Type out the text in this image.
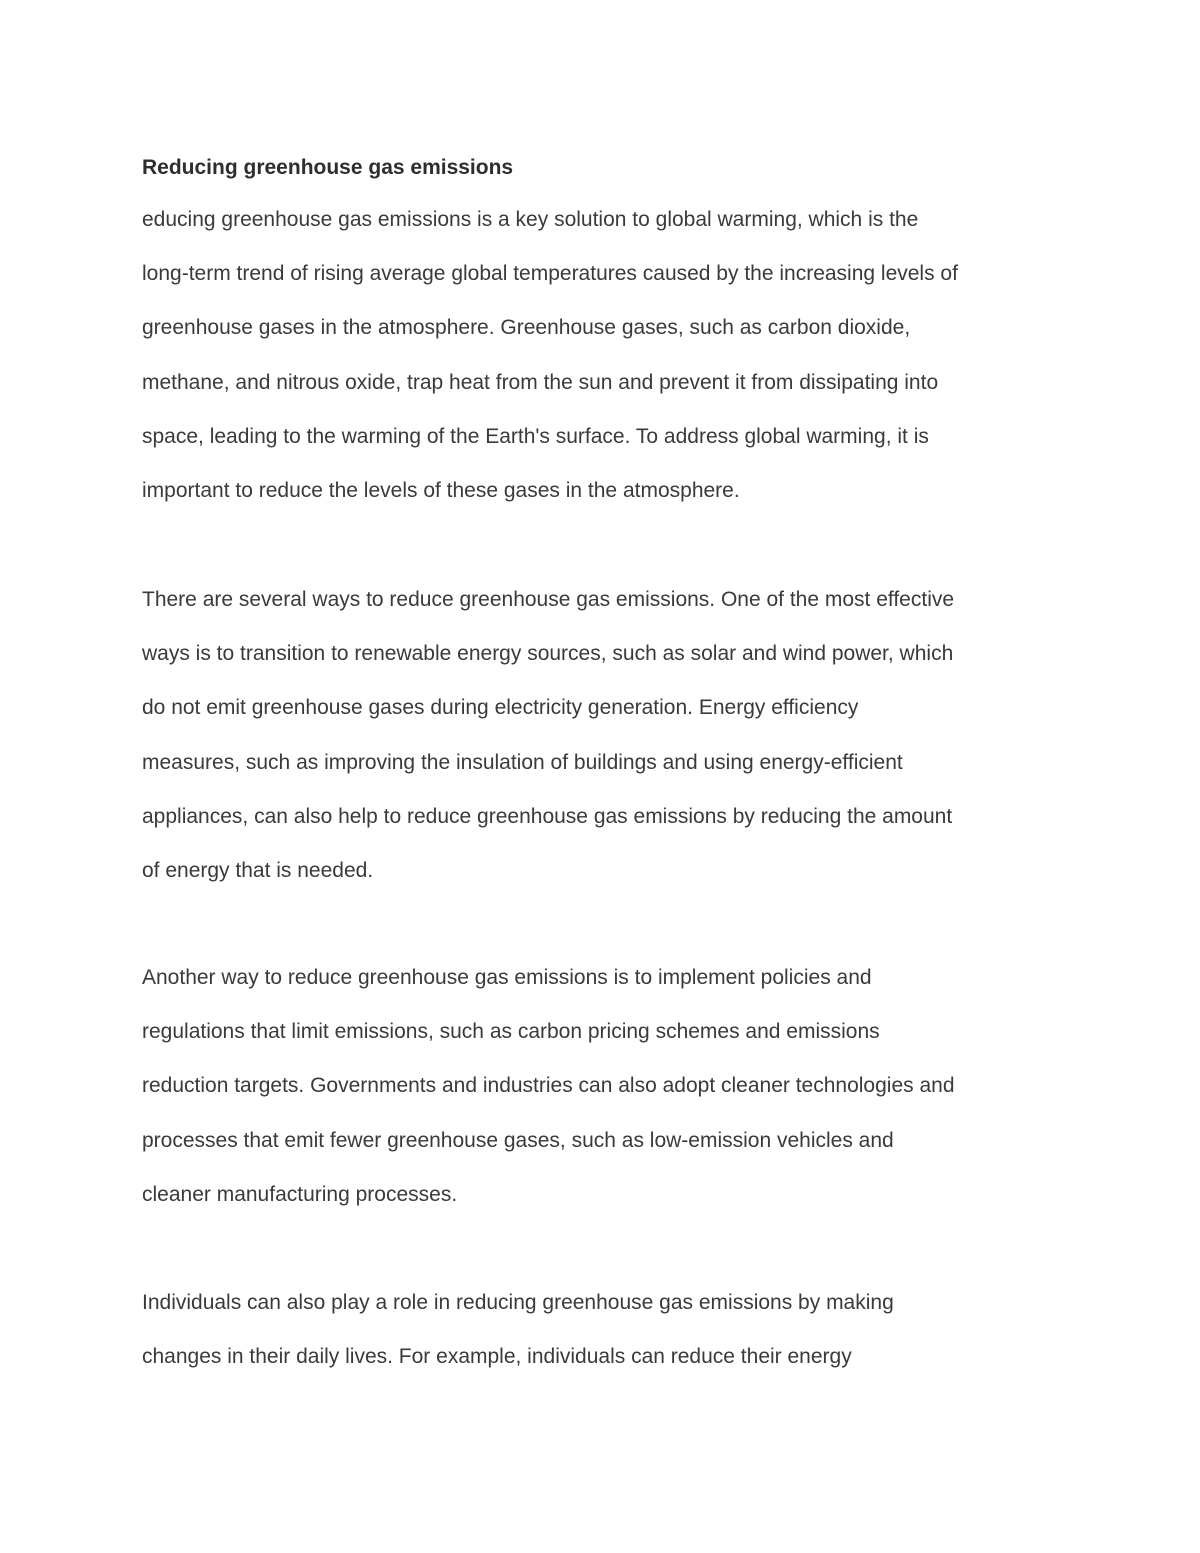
Reducing greenhouse gas emissions

educing greenhouse gas emissions is a key solution to global warming, which is the
long-term trend of rising average global temperatures caused by the increasing levels of
greenhouse gases in the atmosphere. Greenhouse gases, such as carbon dioxide,
methane, and nitrous oxide, trap heat from the sun and prevent it from dissipating into
space, leading to the warming of the Earth's surface. To address global warming, it is
important to reduce the levels of these gases in the atmosphere.

There are several ways to reduce greenhouse gas emissions. One of the most effective
ways is to transition to renewable energy sources, such as solar and wind power, which
do not emit greenhouse gases during electricity generation. Energy efficiency
measures, such as improving the insulation of buildings and using energy-efficient
appliances, can also help to reduce greenhouse gas emissions by reducing the amount
of energy that is needed.

Another way to reduce greenhouse gas emissions is to implement policies and
regulations that limit emissions, such as carbon pricing schemes and emissions
reduction targets. Governments and industries can also adopt cleaner technologies and
processes that emit fewer greenhouse gases, such as low-emission vehicles and
cleaner manufacturing processes.

Individuals can also play a role in reducing greenhouse gas emissions by making
changes in their daily lives. For example, individuals can reduce their energy
